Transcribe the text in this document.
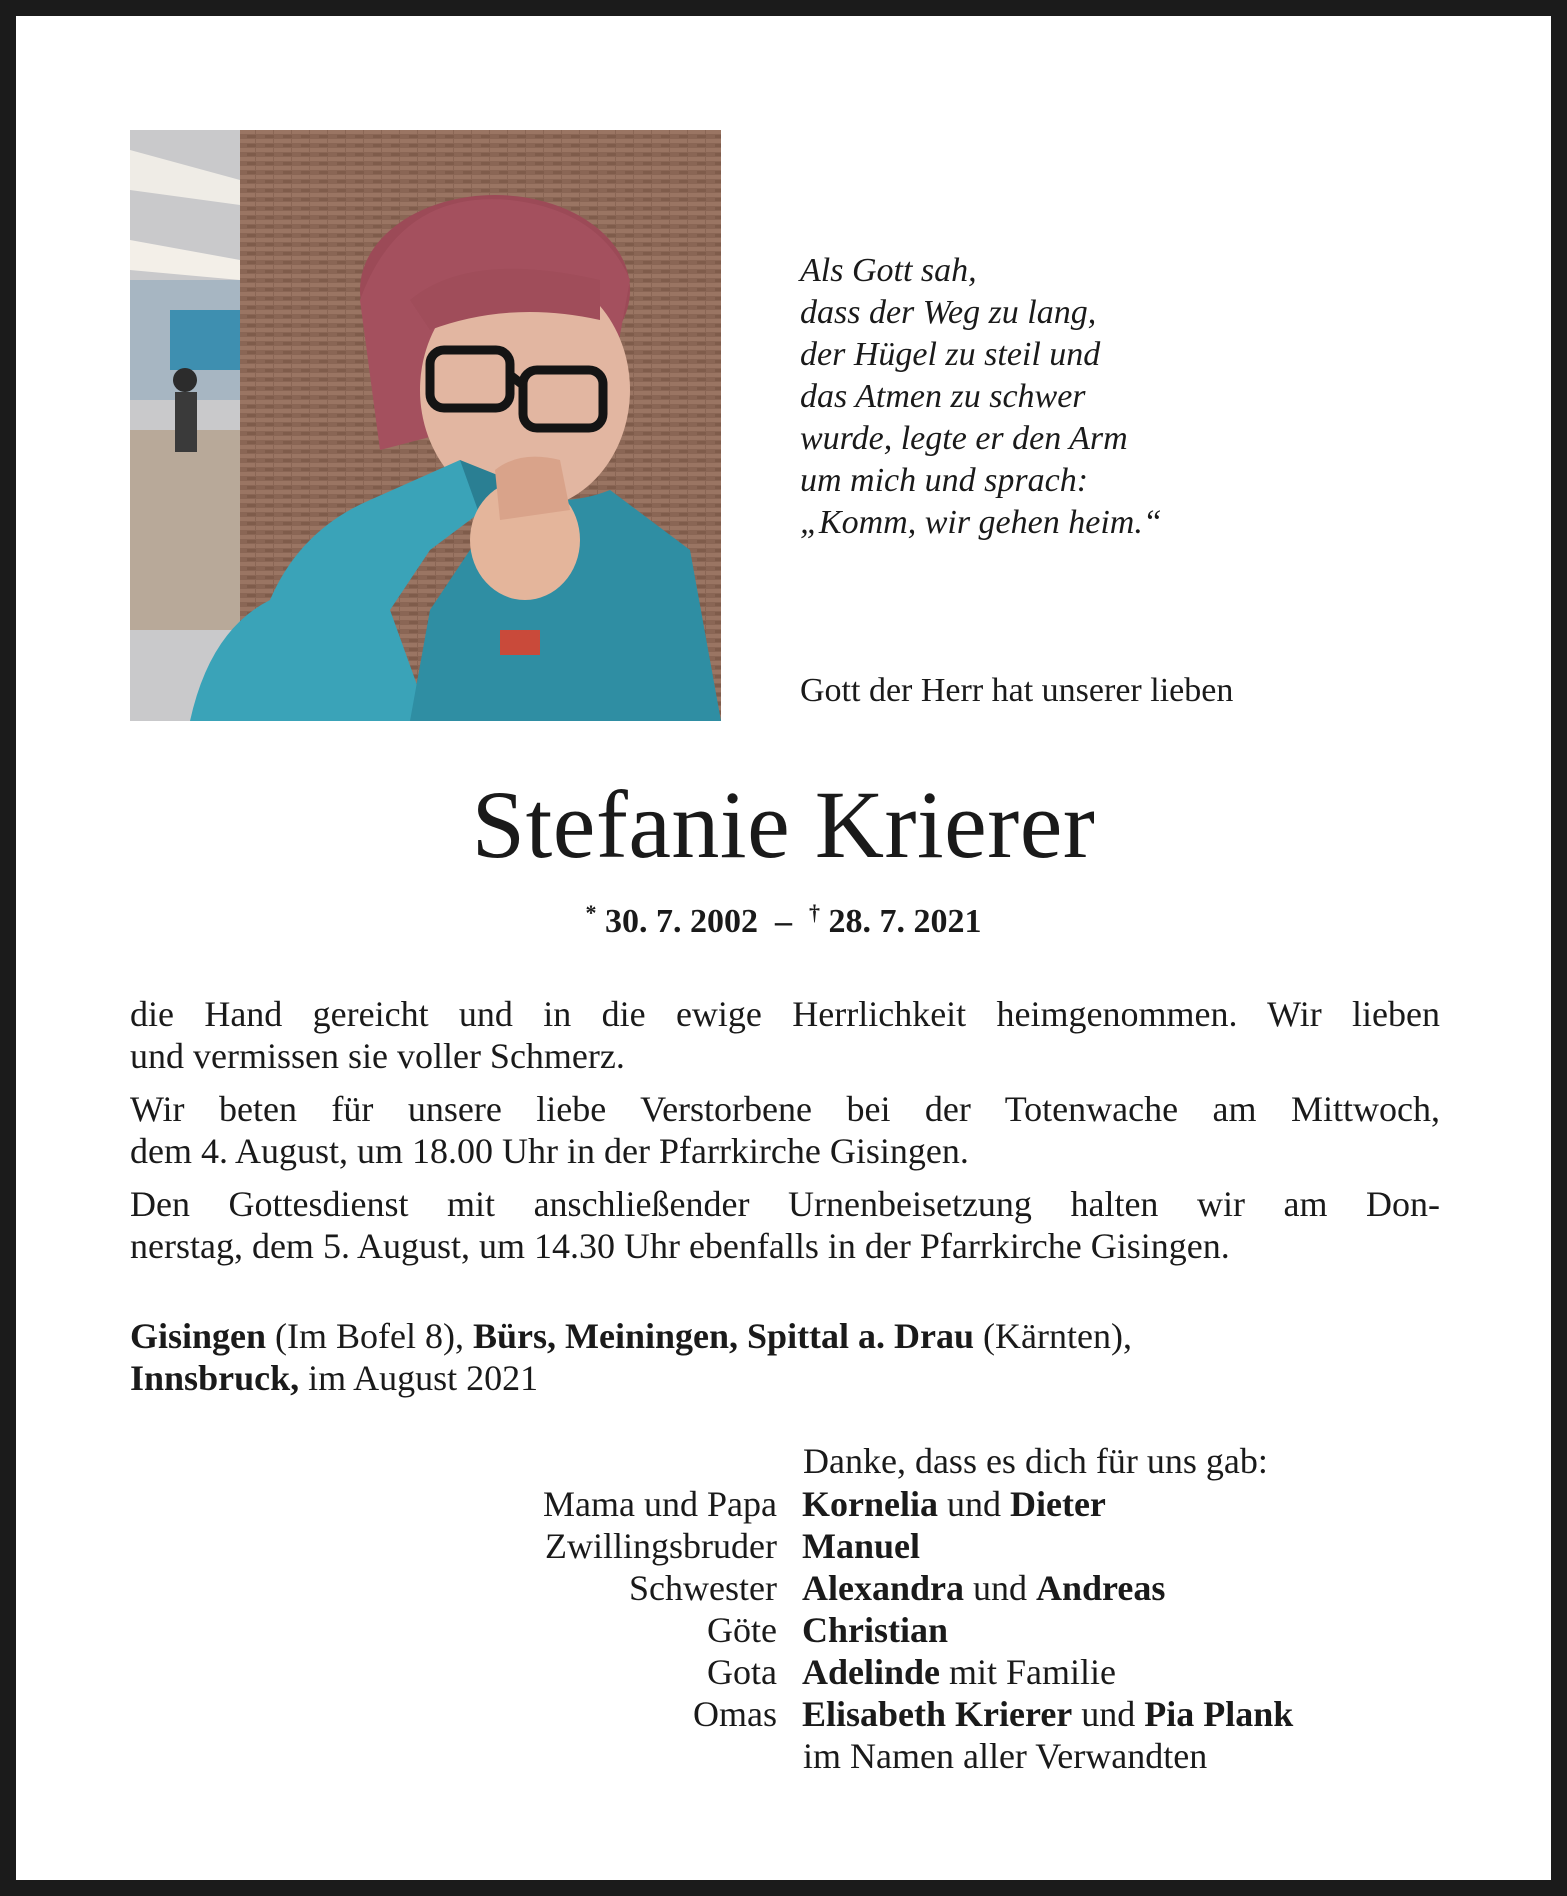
Als Gott sah,
dass der Weg zu lang,
der Hügel zu steil und
das Atmen zu schwer
wurde, legte er den Arm
um mich und sprach:
„Komm, wir gehen heim.“
Gott der Herr hat unserer lieben
Stefanie Krierer
* 30. 7. 2002 – † 28. 7. 2021

die Hand gereicht und in die ewige Herrlichkeit heimgenommen. Wir lieben
und vermissen sie voller Schmerz.

Wir beten für unsere liebe Verstorbene bei der Totenwache am Mittwoch,
dem 4. August, um 18.00 Uhr in der Pfarrkirche Gisingen.

Den Gottesdienst mit anschließender Urnenbeisetzung halten wir am Don-
nerstag, dem 5. August, um 14.30 Uhr ebenfalls in der Pfarrkirche Gisingen.

Gisingen (Im Bofel 8), Bürs, Meiningen, Spittal a. Drau (Kärnten),
Innsbruck, im August 2021
Danke, dass es dich für uns gab:
Mama und Papa Kornelia und Dieter
Zwillingsbruder Manuel
Schwester Alexandra und Andreas
Göte Christian
Gota Adelinde mit Familie
Omas Elisabeth Krierer und Pia Plank
im Namen aller Verwandten
